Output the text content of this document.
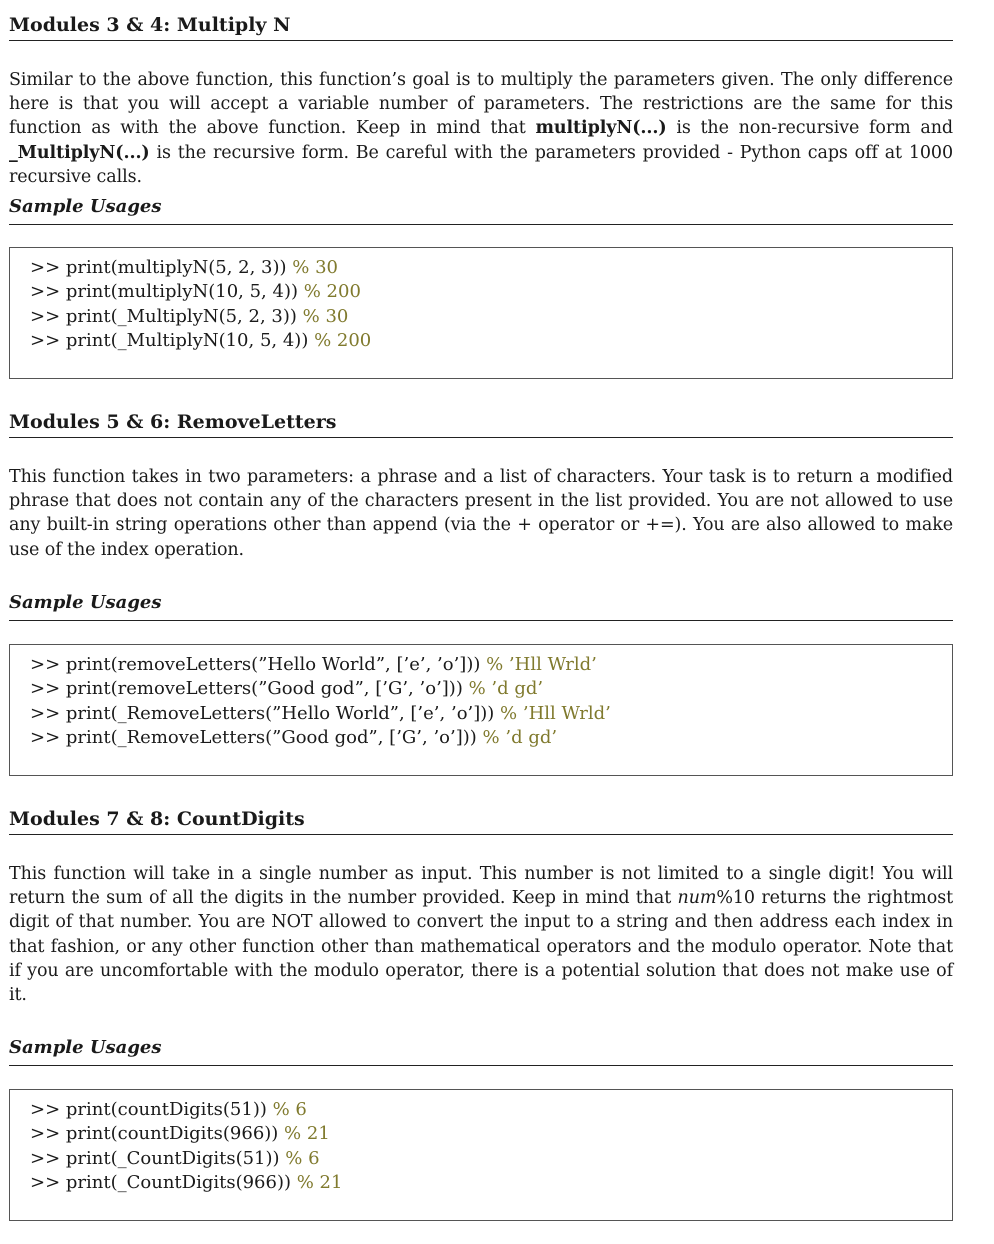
Modules 3 & 4: Multiply N

Similar to the above function, this function’s goal is to multiply the parameters given. The only difference here is that you will accept a variable number of parameters. The restrictions are the same for this function as with the above function. Keep in mind that multiplyN(...) is the non-recursive form and _MultiplyN(...) is the recursive form. Be careful with the parameters provided - Python caps off at 1000 recursive calls.

Sample Usages
>> print(multiplyN(5, 2, 3)) % 30
>> print(multiplyN(10, 5, 4)) % 200
>> print(_MultiplyN(5, 2, 3)) % 30
>> print(_MultiplyN(10, 5, 4)) % 200
Modules 5 & 6: RemoveLetters

This function takes in two parameters: a phrase and a list of characters. Your task is to return a modified phrase that does not contain any of the characters present in the list provided. You are not allowed to use any built-in string operations other than append (via the + operator or +=). You are also allowed to make use of the index operation.

Sample Usages
>> print(removeLetters(”Hello World”, [’e’, ’o’])) % ’Hll Wrld’
>> print(removeLetters(”Good god”, [’G’, ’o’])) % ’d gd’
>> print(_RemoveLetters(”Hello World”, [’e’, ’o’])) % ’Hll Wrld’
>> print(_RemoveLetters(”Good god”, [’G’, ’o’])) % ’d gd’
Modules 7 & 8: CountDigits

This function will take in a single number as input. This number is not limited to a single digit! You will return the sum of all the digits in the number provided. Keep in mind that num%10 returns the rightmost digit of that number. You are NOT allowed to convert the input to a string and then address each index in that fashion, or any other function other than mathematical operators and the modulo operator. Note that if you are uncomfortable with the modulo operator, there is a potential solution that does not make use of it.

Sample Usages
>> print(countDigits(51)) % 6
>> print(countDigits(966)) % 21
>> print(_CountDigits(51)) % 6
>> print(_CountDigits(966)) % 21
